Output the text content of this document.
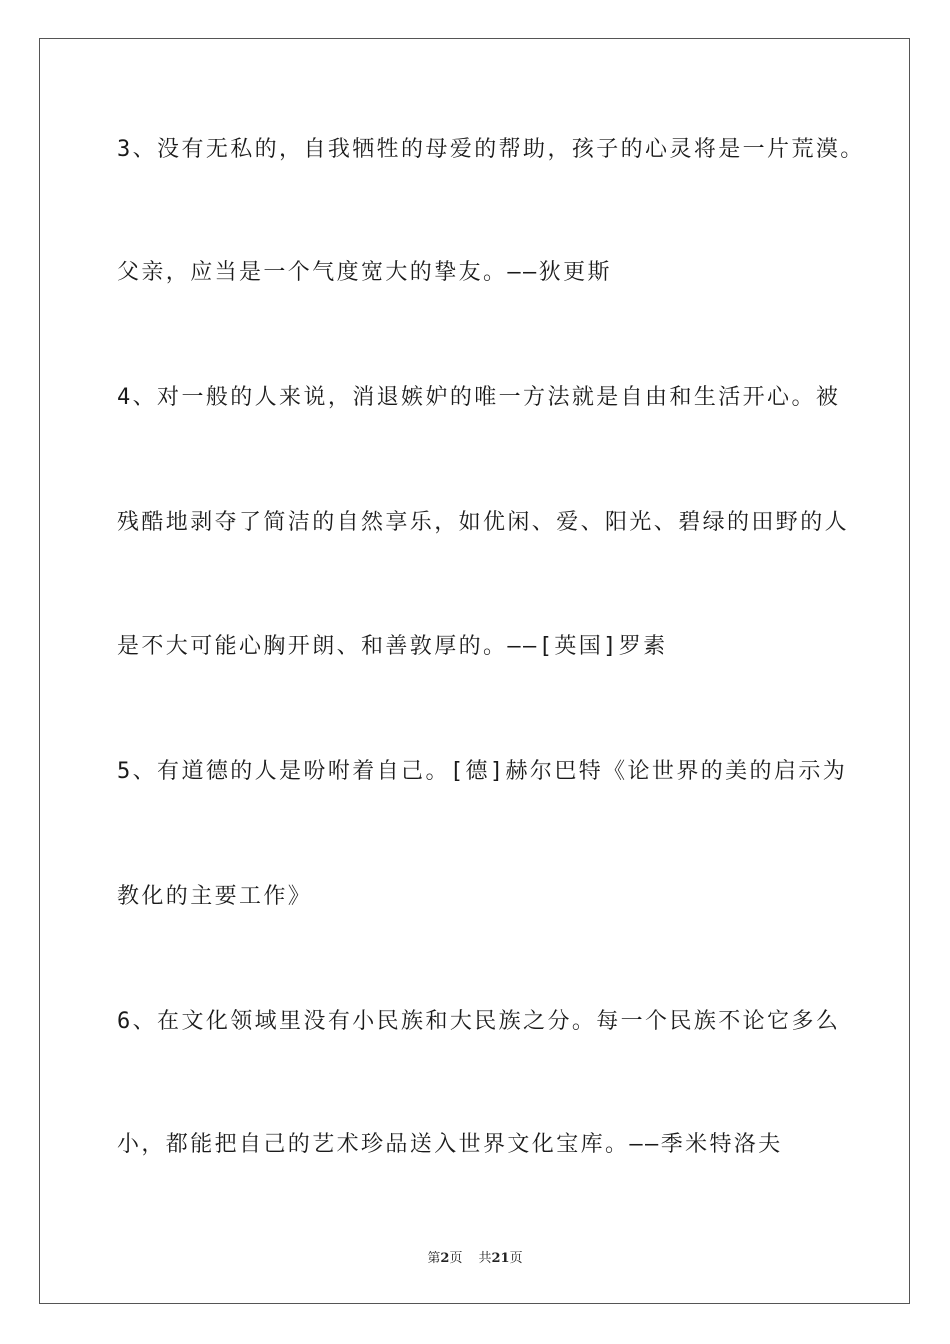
3、没有无私的，自我牺牲的母爱的帮助，孩子的心灵将是一片荒漠。
父亲，应当是一个气度宽大的挚友。——狄更斯
4、对一般的人来说，消退嫉妒的唯一方法就是自由和生活开心。被
残酷地剥夺了简洁的自然享乐，如优闲、爱、阳光、碧绿的田野的人
是不大可能心胸开朗、和善敦厚的。——[英国]罗素
5、有道德的人是吩咐着自己。[德]赫尔巴特《论世界的美的启示为
教化的主要工作》
6、在文化领域里没有小民族和大民族之分。每一个民族不论它多么
小，都能把自己的艺术珍品送入世界文化宝库。——季米特洛夫
第2页 共21页
